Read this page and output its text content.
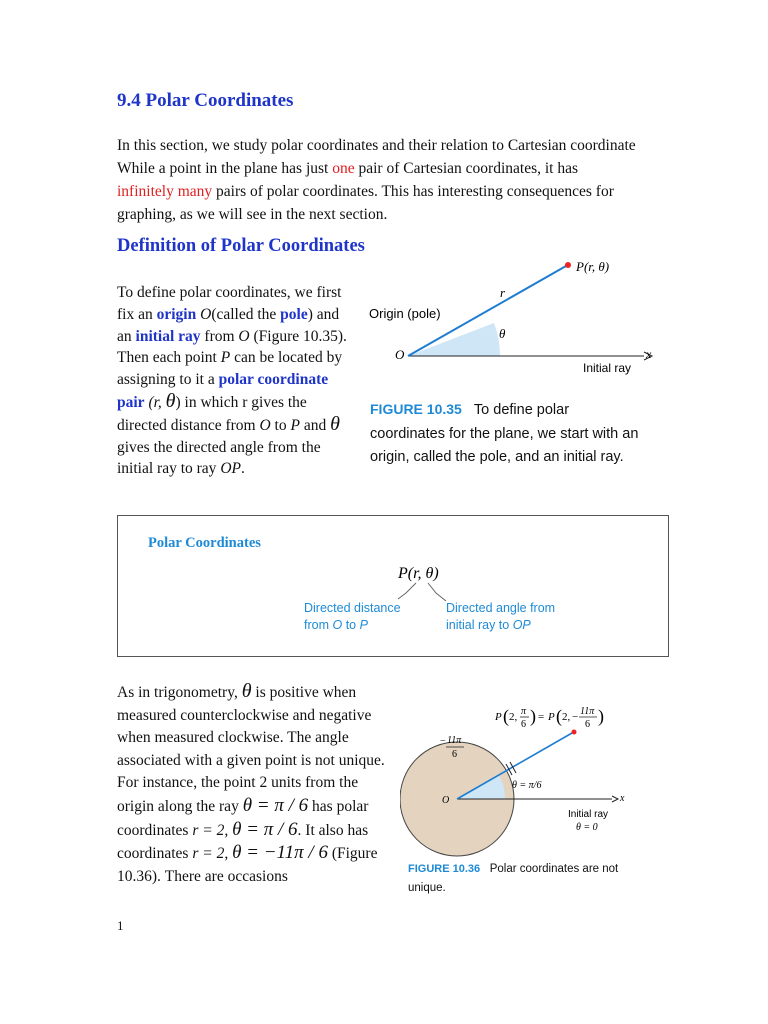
9.4 Polar Coordinates
In this section, we study polar coordinates and their relation to Cartesian coordinate While a point in the plane has just one pair of Cartesian coordinates, it has infinitely many pairs of polar coordinates. This has interesting consequences for graphing, as we will see in the next section.
Definition of Polar Coordinates
To define polar coordinates, we first fix an origin O(called the pole) and an initial ray from O (Figure 10.35). Then each point P can be located by assigning to it a polar coordinate pair (r, θ) in which r gives the directed distance from O to P and θ gives the directed angle from the initial ray to ray OP.
P(r, θ)
r
θ
Origin (pole)
O	x
Initial ray
FIGURE 10.35 To define polar
coordinates for the plane, we start with an
origin, called the pole, and an initial ray.
Polar Coordinates
P(r, θ)
Directed distance
from O to P
Directed angle from
initial ray to OP
As in trigonometry, θ is positive when measured counterclockwise and negative when measured clockwise. The angle associated with a given point is not unique. For instance, the point 2 units from the origin along the ray θ = π / 6 has polar coordinates r = 2, θ = π / 6. It also has coordinates r = 2, θ = −11π / 6 (Figure 10.36). There are occasions
P ( 2, π
6 ) = P ( 2, − 11π
6 )
− 11π
6
θ = π/6
O	x
Initial ray
θ = 0
FIGURE 10.36 Polar coordinates are not
unique.
1
